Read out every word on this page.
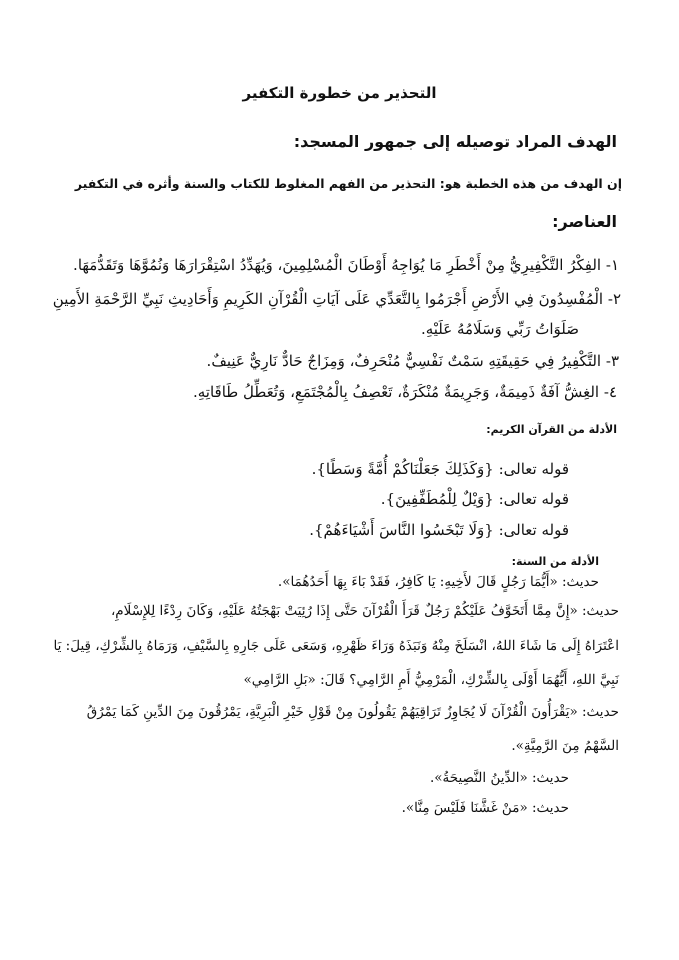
التحذير من خطورة التكفير
الهدف المراد توصيله إلى جمهور المسجد:
إن الهدف من هذه الخطبة هو: التحذير من الفهم المغلوط للكتاب والسنة وأثره في التكفير
العناصر:
١- الفِكْرُ التَّكْفِيرِيُّ مِنْ أَخْطَرِ مَا يُوَاجِهُ أَوْطَانَ الْمُسْلِمِينَ، وَيُهَدِّدُ اسْتِقْرَارَهَا وَنُمُوَّهَا وَتَقَدُّمَهَا.
٢- الْمُفْسِدُونَ فِي الأَرْضِ أَجْرَمُوا بِالتَّعَدِّي عَلَى آيَاتِ الْقُرْآنِ الكَرِيمِ وَأَحَادِيثِ نَبِيِّ الرَّحْمَةِ الأَمِينِ
صَلَوَاتُ رَبِّي وَسَلَامُهُ عَلَيْهِ.
٣- التَّكْفِيرُ فِي حَقِيقَتِهِ سَمْتٌ نَفْسِيٌّ مُنْحَرِفٌ، وَمِزَاجٌ حَادٌّ نَارِيٌّ عَنِيفٌ.
٤- الغِشُّ آفَةٌ ذَمِيمَةٌ، وَجَرِيمَةٌ مُنْكَرَةٌ، تَعْصِفُ بِالْمُجْتَمَعِ، وَتُعَطِّلُ طَاقَاتِهِ.
الأدلة من القرآن الكريم:
قوله تعالى: {وَكَذَلِكَ جَعَلْنَاكُمْ أُمَّةً وَسَطًا}.
قوله تعالى: {وَيْلٌ لِلْمُطَفِّفِينَ}.
قوله تعالى: {وَلَا تَبْخَسُوا النَّاسَ أَشْيَاءَهُمْ}.
الأدلة من السنة:
حديث: «أَيُّمَا رَجُلٍ قَالَ لأَخِيهِ: يَا كَافِرُ، فَقَدْ بَاءَ بِهَا أَحَدُهُمَا».
حديث: «إِنَّ مِمَّا أَتَخَوَّفُ عَلَيْكُمْ رَجُلٌ قَرَأَ الْقُرْآنَ حَتَّى إِذَا رُئِيَتْ بَهْجَتُهُ عَلَيْهِ، وَكَانَ رِدْءًا لِلإِسْلَامِ،
اعْتَرَاهُ إِلَى مَا شَاءَ اللهُ، انْسَلَخَ مِنْهُ وَنَبَذَهُ وَرَاءَ ظَهْرِهِ، وَسَعَى عَلَى جَارِهِ بِالسَّيْفِ، وَرَمَاهُ بِالشِّرْكِ، قِيلَ: يَا
نَبِيَّ اللهِ، أَيُّهُمَا أَوْلَى بِالشِّرْكِ، الْمَرْمِيُّ أَمِ الرَّامِي؟ قَالَ: «بَلِ الرَّامِي»
حديث: «يَقْرَأُونَ الْقُرْآنَ لَا يُجَاوِزُ تَرَاقِيَهُمْ يَقُولُونَ مِنْ قَوْلِ خَيْرِ الْبَرِيَّةِ، يَمْرُقُونَ مِنَ الدِّينِ كَمَا يَمْرُقُ
السَّهْمُ مِنَ الرَّمِيَّةِ».
حديث: «الدِّينُ النَّصِيحَةُ».
حديث: «مَنْ غَشَّنَا فَلَيْسَ مِنَّا».
